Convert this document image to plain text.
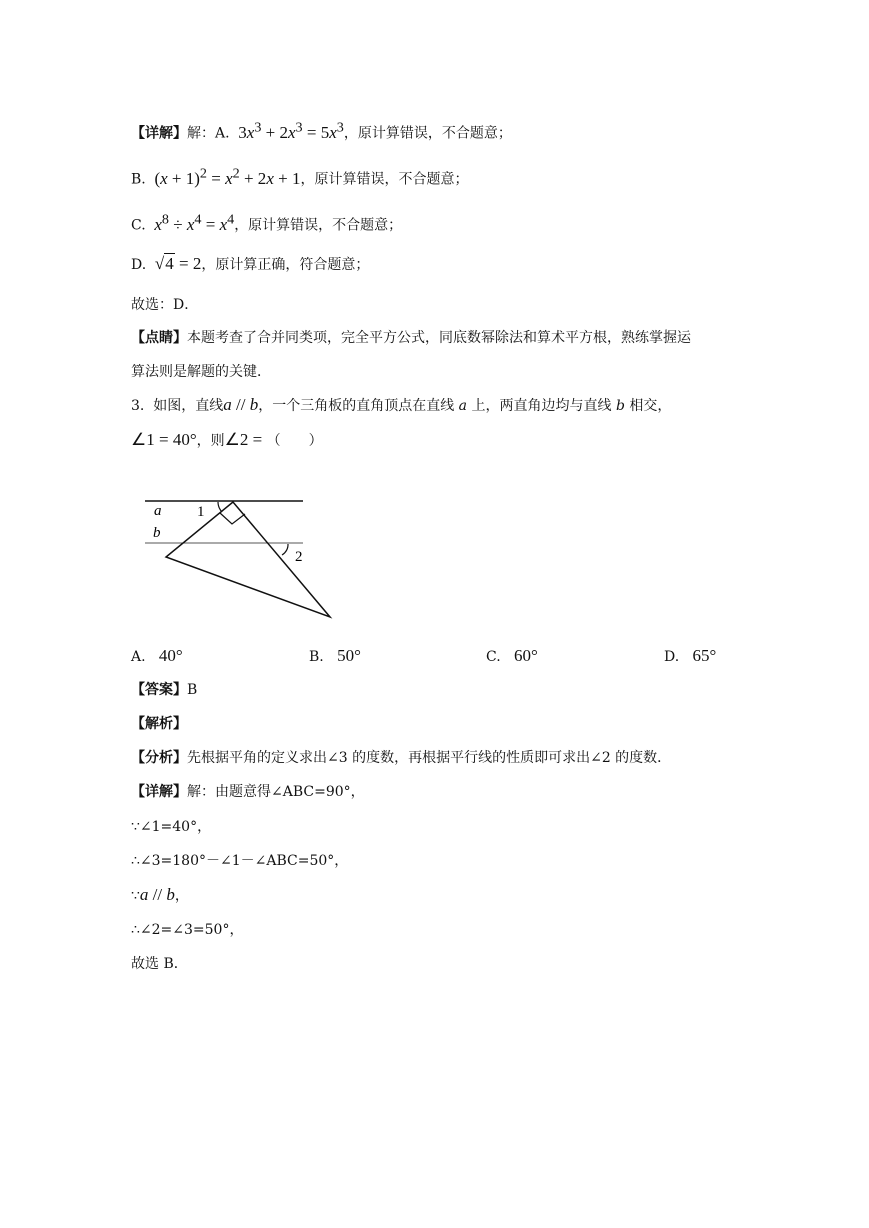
【详解】解：A.  $3x^3 + 2x^3 = 5x^3$，原计算错误，不合题意；
B.  $(x + 1)^2 = x^2 + 2x + 1$，原计算错误，不合题意；
C. $x^8 \div x^4 = x^4$，原计算错误，不合题意；
D.  √4 = 2，原计算正确，符合题意；
故选：D．
【点睛】本题考查了合并同类项，完全平方公式，同底数幂除法和算术平方根，熟练掌握运
算法则是解题的关键．
3. 如图，直线a // b，一个三角板的直角顶点在直线 a 上，两直角边均与直线 b 相交，
∠1 = 40°，则∠2 = （　　）
a
b
1
2
A. 40°	B. 50°	C. 60°	D. 65°
【答案】B
【解析】
【分析】先根据平角的定义求出∠3 的度数，再根据平行线的性质即可求出∠2 的度数．
【详解】解：由题意得∠ABC=90°，
∵∠1=40°，
∴∠3=180°－∠1－∠ABC=50°，
∵a // b，
∴∠2=∠3=50°，
故选 B．
